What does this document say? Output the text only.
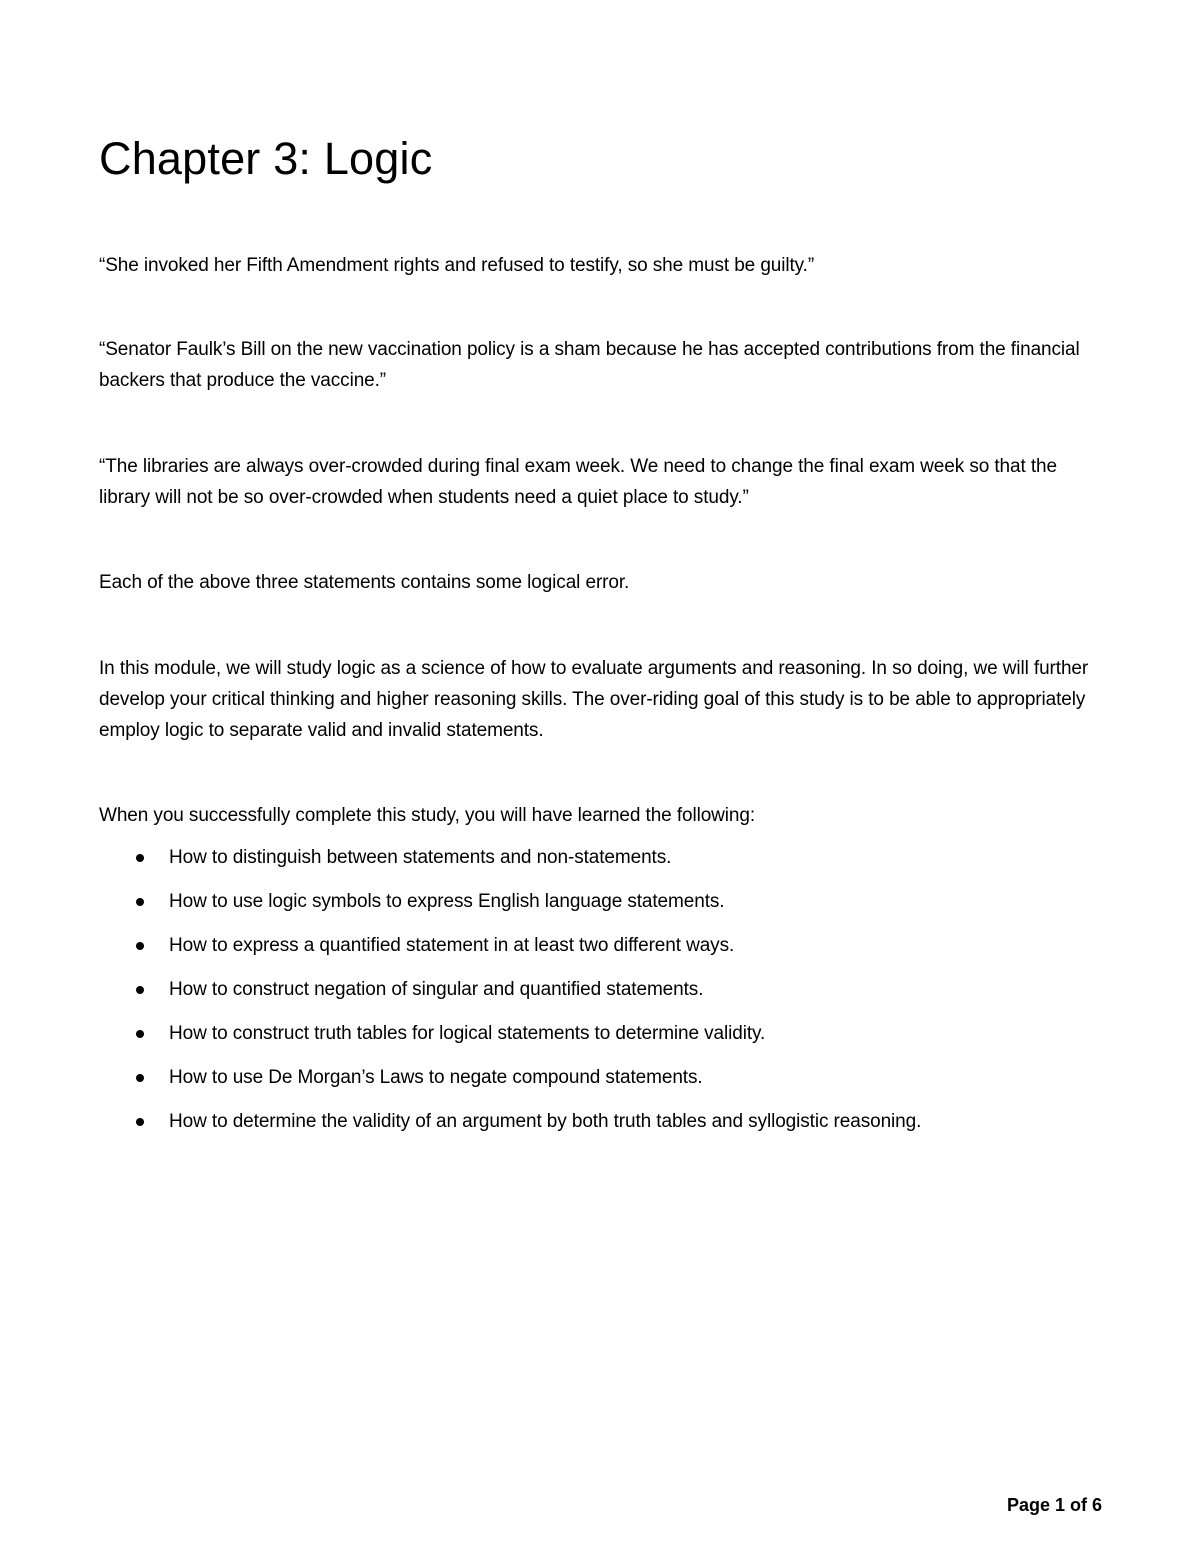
Chapter 3: Logic

“She invoked her Fifth Amendment rights and refused to testify, so she must be guilty.”

“Senator Faulk’s Bill on the new vaccination policy is a sham because he has accepted contributions from the financial backers that produce the vaccine.”

“The libraries are always over-crowded during final exam week. We need to change the final exam week so that the library will not be so over-crowded when students need a quiet place to study.”

Each of the above three statements contains some logical error.

In this module, we will study logic as a science of how to evaluate arguments and reasoning. In so doing, we will further develop your critical thinking and higher reasoning skills. The over-riding goal of this study is to be able to appropriately employ logic to separate valid and invalid statements.

When you successfully complete this study, you will have learned the following:

How to distinguish between statements and non-statements.
How to use logic symbols to express English language statements.
How to express a quantified statement in at least two different ways.
How to construct negation of singular and quantified statements.
How to construct truth tables for logical statements to determine validity.
How to use De Morgan’s Laws to negate compound statements.
How to determine the validity of an argument by both truth tables and syllogistic reasoning.
Page 1 of 6
